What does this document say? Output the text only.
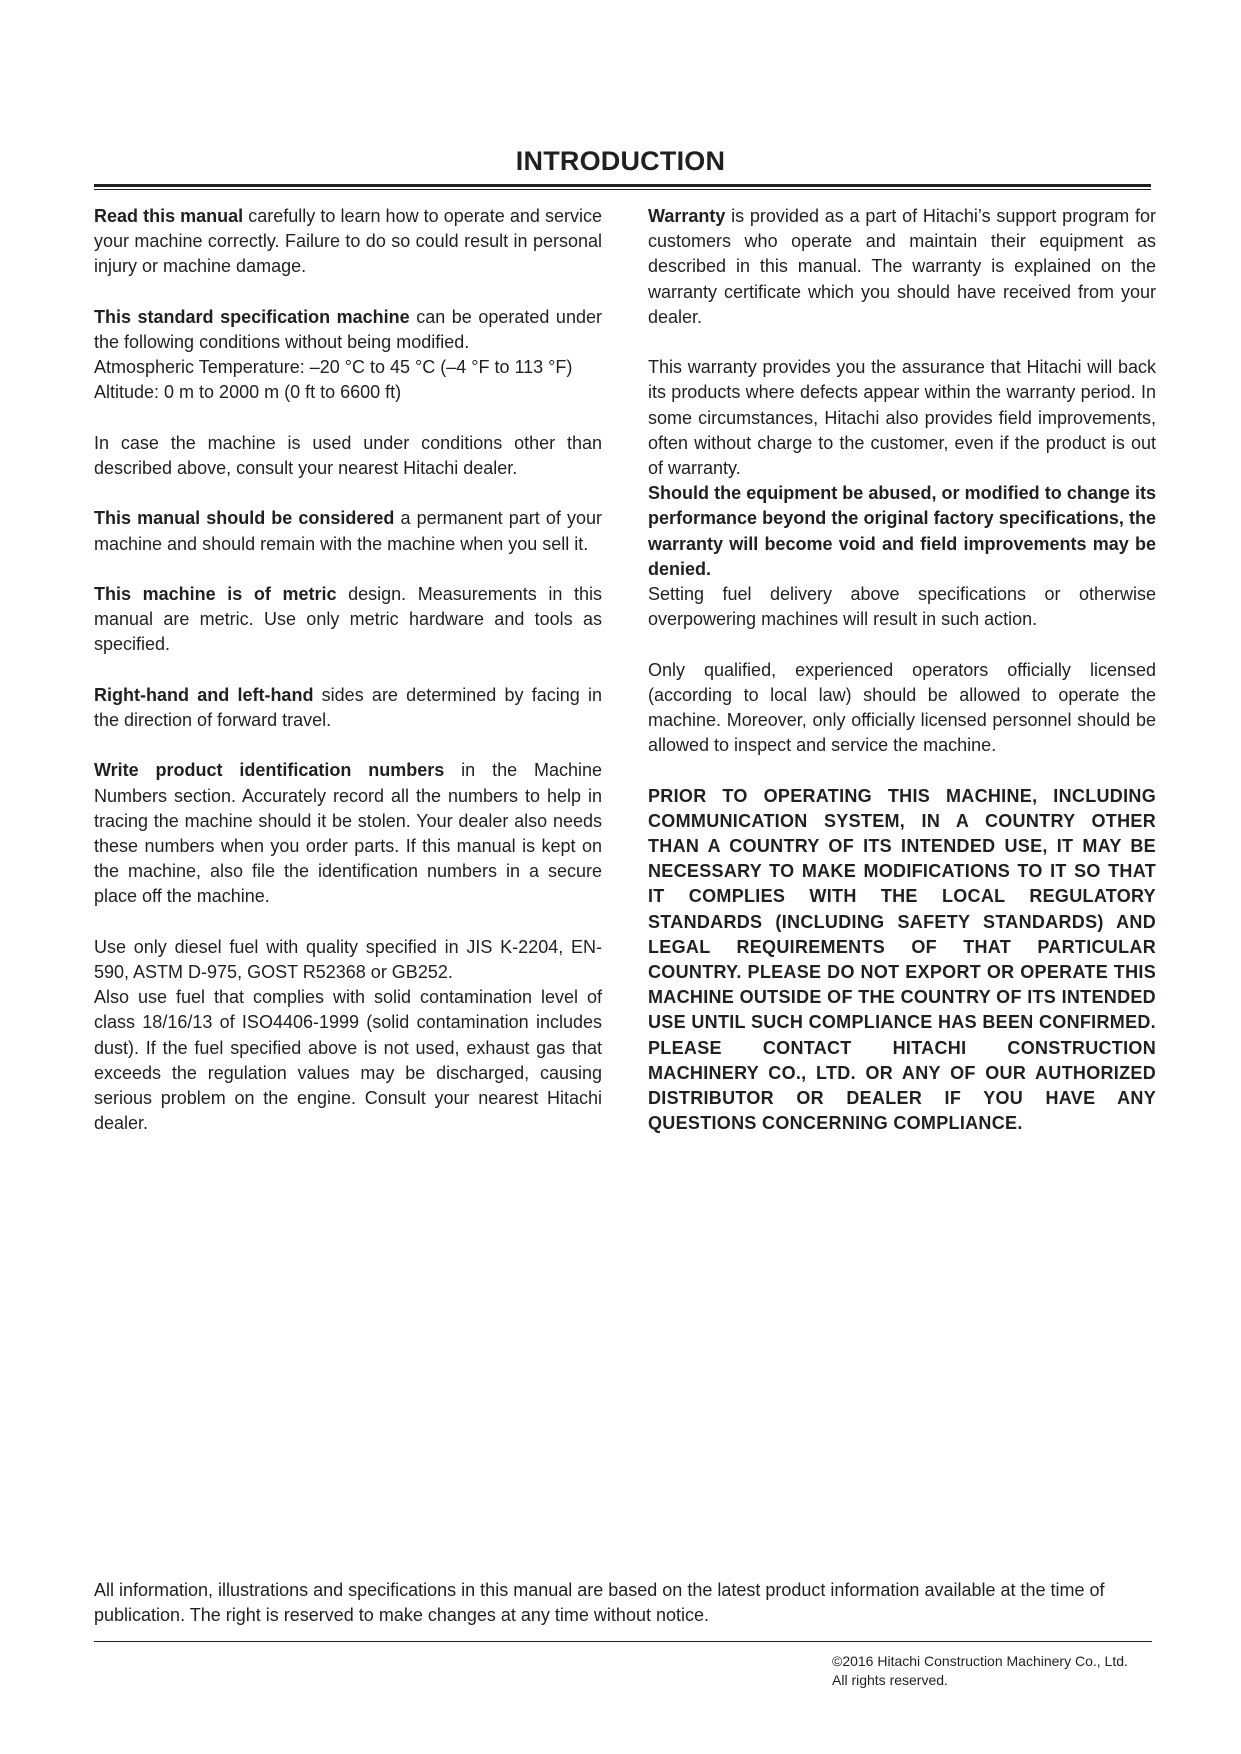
INTRODUCTION

Read this manual carefully to learn how to operate and service your machine correctly. Failure to do so could result in personal injury or machine damage.

This standard specification machine can be operated under the following conditions without being modified.
Atmospheric Temperature: –20 °C to 45 °C (–4 °F to 113 °F)
Altitude: 0 m to 2000 m (0 ft to 6600 ft)

In case the machine is used under conditions other than described above, consult your nearest Hitachi dealer.

This manual should be considered a permanent part of your machine and should remain with the machine when you sell it.

This machine is of metric design. Measurements in this manual are metric. Use only metric hardware and tools as specified.

Right-hand and left-hand sides are determined by facing in the direction of forward travel.

Write product identification numbers in the Machine Numbers section. Accurately record all the numbers to help in tracing the machine should it be stolen. Your dealer also needs these numbers when you order parts. If this manual is kept on the machine, also file the identification numbers in a secure place off the machine.

Use only diesel fuel with quality specified in JIS K-2204, EN-590, ASTM D-975, GOST R52368 or GB252.

Also use fuel that complies with solid contamination level of class 18/16/13 of ISO4406-1999 (solid contamination includes dust). If the fuel specified above is not used, exhaust gas that exceeds the regulation values may be discharged, causing serious problem on the engine. Consult your nearest Hitachi dealer.

Warranty is provided as a part of Hitachi’s support program for customers who operate and maintain their equipment as described in this manual. The warranty is explained on the warranty certificate which you should have received from your dealer.

This warranty provides you the assurance that Hitachi will back its products where defects appear within the warranty period. In some circumstances, Hitachi also provides field improvements, often without charge to the customer, even if the product is out of warranty.

Should the equipment be abused, or modified to change its performance beyond the original factory specifications, the warranty will become void and field improvements may be denied.

Setting fuel delivery above specifications or otherwise overpowering machines will result in such action.

Only qualified, experienced operators officially licensed (according to local law) should be allowed to operate the machine. Moreover, only officially licensed personnel should be allowed to inspect and service the machine.

PRIOR TO OPERATING THIS MACHINE, INCLUDING COMMUNICATION SYSTEM, IN A COUNTRY OTHER THAN A COUNTRY OF ITS INTENDED USE, IT MAY BE NECESSARY TO MAKE MODIFICATIONS TO IT SO THAT IT COMPLIES WITH THE LOCAL REGULATORY STANDARDS (INCLUDING SAFETY STANDARDS) AND LEGAL REQUIREMENTS OF THAT PARTICULAR COUNTRY. PLEASE DO NOT EXPORT OR OPERATE THIS MACHINE OUTSIDE OF THE COUNTRY OF ITS INTENDED USE UNTIL SUCH COMPLIANCE HAS BEEN CONFIRMED. PLEASE CONTACT HITACHI CONSTRUCTION MACHINERY CO., LTD. OR ANY OF OUR AUTHORIZED DISTRIBUTOR OR DEALER IF YOU HAVE ANY QUESTIONS CONCERNING COMPLIANCE.

All information, illustrations and specifications in this manual are based on the latest product information available at the time of publication. The right is reserved to make changes at any time without notice.

©2016 Hitachi Construction Machinery Co., Ltd.
All rights reserved.
